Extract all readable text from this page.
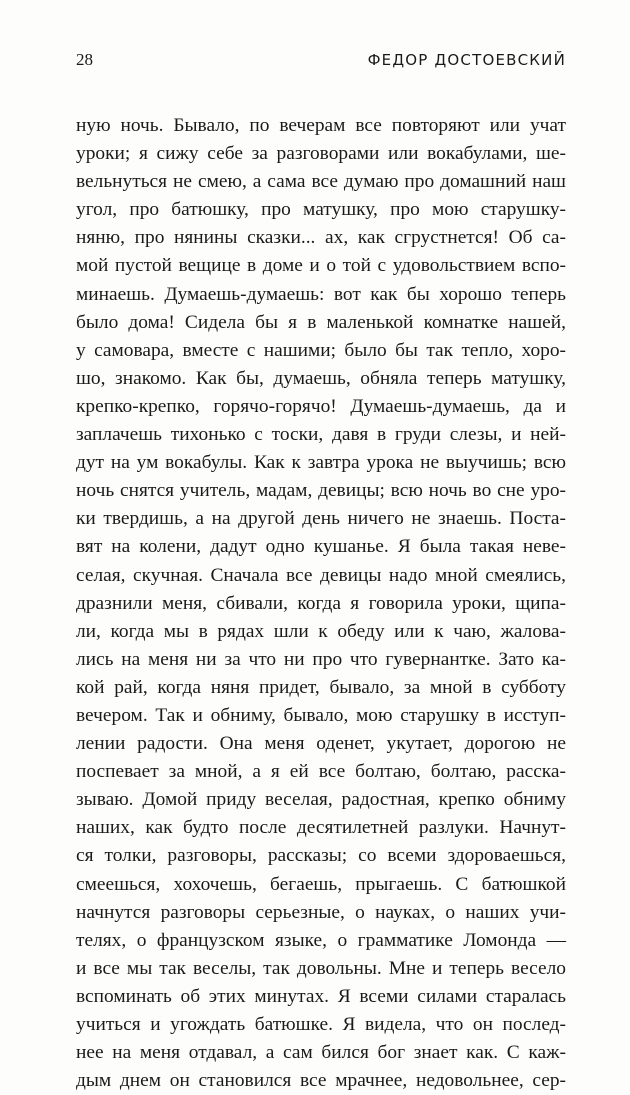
28	ФЕДОР ДОСТОЕВСКИЙ
ную ночь. Бывало, по вечерам все повторяют или учат
уроки; я сижу себе за разговорами или вокабулами, ше-
вельнуться не смею, а сама все думаю про домашний наш
угол, про батюшку, про матушку, про мою старушку-
няню, про нянины сказки... ах, как сгрустнется! Об са-
мой пустой вещице в доме и о той с удовольствием вспо-
минаешь. Думаешь-думаешь: вот как бы хорошо теперь
было дома! Сидела бы я в маленькой комнатке нашей,
у самовара, вместе с нашими; было бы так тепло, хоро-
шо, знакомо. Как бы, думаешь, обняла теперь матушку,
крепко-крепко, горячо-горячо! Думаешь-думаешь, да и
заплачешь тихонько с тоски, давя в груди слезы, и ней-
дут на ум вокабулы. Как к завтра урока не выучишь; всю
ночь снятся учитель, мадам, девицы; всю ночь во сне уро-
ки твердишь, а на другой день ничего не знаешь. Поста-
вят на колени, дадут одно кушанье. Я была такая неве-
селая, скучная. Сначала все девицы надо мной смеялись,
дразнили меня, сбивали, когда я говорила уроки, щипа-
ли, когда мы в рядах шли к обеду или к чаю, жалова-
лись на меня ни за что ни про что гувернантке. Зато ка-
кой рай, когда няня придет, бывало, за мной в субботу
вечером. Так и обниму, бывало, мою старушку в исступ-
лении радости. Она меня оденет, укутает, дорогою не
поспевает за мной, а я ей все болтаю, болтаю, расска-
зываю. Домой приду веселая, радостная, крепко обниму
наших, как будто после десятилетней разлуки. Начнут-
ся толки, разговоры, рассказы; со всеми здороваешься,
смеешься, хохочешь, бегаешь, прыгаешь. С батюшкой
начнутся разговоры серьезные, о науках, о наших учи-
телях, о французском языке, о грамматике Ломонда —
и все мы так веселы, так довольны. Мне и теперь весело
вспоминать об этих минутах. Я всеми силами старалась
учиться и угождать батюшке. Я видела, что он послед-
нее на меня отдавал, а сам бился бог знает как. С каж-
дым днем он становился все мрачнее, недовольнее, сер-
